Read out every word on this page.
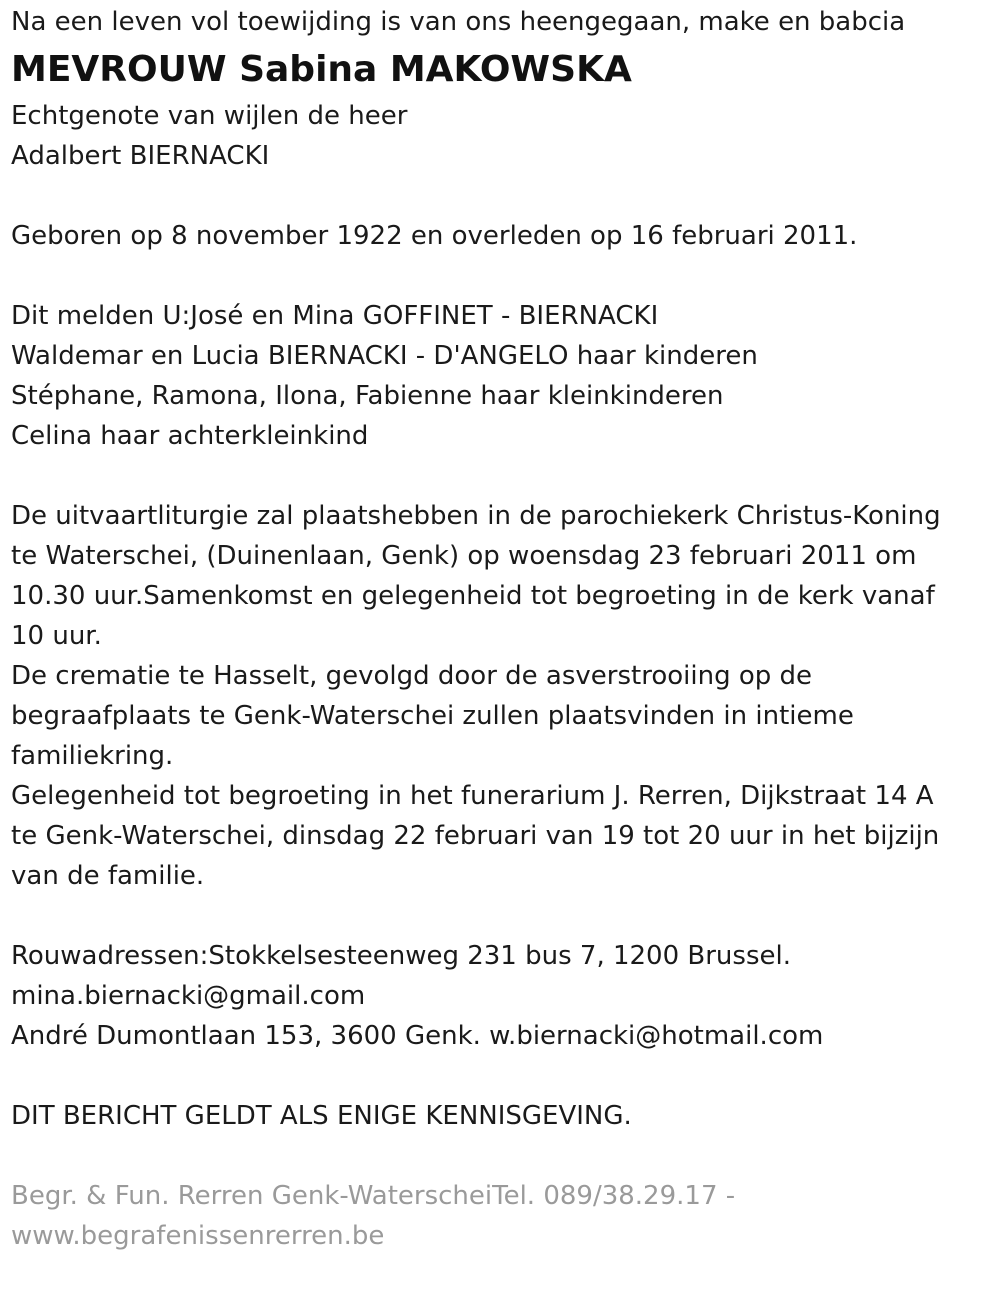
Na een leven vol toewijding is van ons heengegaan, make en babcia
MEVROUW Sabina MAKOWSKA
Echtgenote van wijlen de heer
Adalbert BIERNACKI
Geboren op 8 november 1922 en overleden op 16 februari 2011.
Dit melden U:José en Mina GOFFINET - BIERNACKI
Waldemar en Lucia BIERNACKI - D'ANGELO haar kinderen
Stéphane, Ramona, Ilona, Fabienne haar kleinkinderen
Celina haar achterkleinkind
De uitvaartliturgie zal plaatshebben in de parochiekerk Christus-Koning
te Waterschei, (Duinenlaan, Genk) op woensdag 23 februari 2011 om
10.30 uur.Samenkomst en gelegenheid tot begroeting in de kerk vanaf
10 uur.
De crematie te Hasselt, gevolgd door de asverstrooiing op de
begraafplaats te Genk-Waterschei zullen plaatsvinden in intieme
familiekring.
Gelegenheid tot begroeting in het funerarium J. Rerren, Dijkstraat 14 A
te Genk-Waterschei, dinsdag 22 februari van 19 tot 20 uur in het bijzijn
van de familie.
Rouwadressen:Stokkelsesteenweg 231 bus 7, 1200 Brussel.
mina.biernacki@gmail.com
André Dumontlaan 153, 3600 Genk. w.biernacki@hotmail.com
DIT BERICHT GELDT ALS ENIGE KENNISGEVING.
Begr. & Fun. Rerren Genk-WaterscheiTel. 089/38.29.17 -
www.begrafenissenrerren.be
